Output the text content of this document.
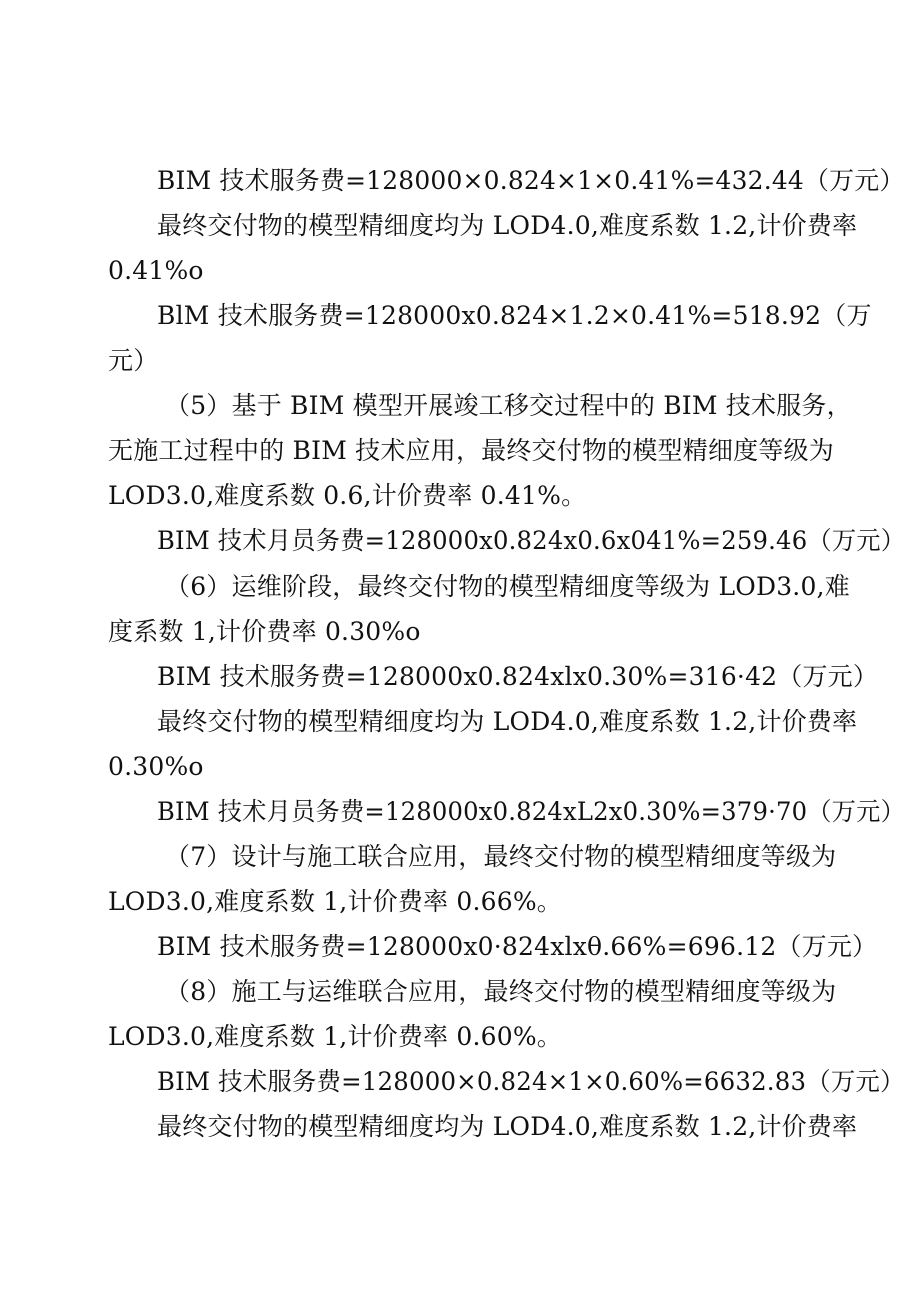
BIM 技术服务费=128000×0.824×1×0.41%=432.44（万元）
最终交付物的模型精细度均为 LOD4.0,难度系数 1.2,计价费率
0.41%o
BlM 技术服务费=128000x0.824×1.2×0.41%=518.92（万
元）
（5）基于 BIM 模型开展竣工移交过程中的 BIM 技术服务，
无施工过程中的 BIM 技术应用，最终交付物的模型精细度等级为
LOD3.0,难度系数 0.6,计价费率 0.41%。
BIM 技术月员务费=128000x0.824x0.6x041%=259.46（万元）
（6）运维阶段，最终交付物的模型精细度等级为 LOD3.0,难
度系数 1,计价费率 0.30%o
BIM 技术服务费=128000x0.824xlx0.30%=316·42（万元）
最终交付物的模型精细度均为 LOD4.0,难度系数 1.2,计价费率
0.30%o
BIM 技术月员务费=128000x0.824xL2x0.30%=379·70（万元）
（7）设计与施工联合应用，最终交付物的模型精细度等级为
LOD3.0,难度系数 1,计价费率 0.66%。
BIM 技术服务费=128000x0·824xlxθ.66%=696.12（万元）
（8）施工与运维联合应用，最终交付物的模型精细度等级为
LOD3.0,难度系数 1,计价费率 0.60%。
BIM 技术服务费=128000×0.824×1×0.60%=6632.83（万元）
最终交付物的模型精细度均为 LOD4.0,难度系数 1.2,计价费率
